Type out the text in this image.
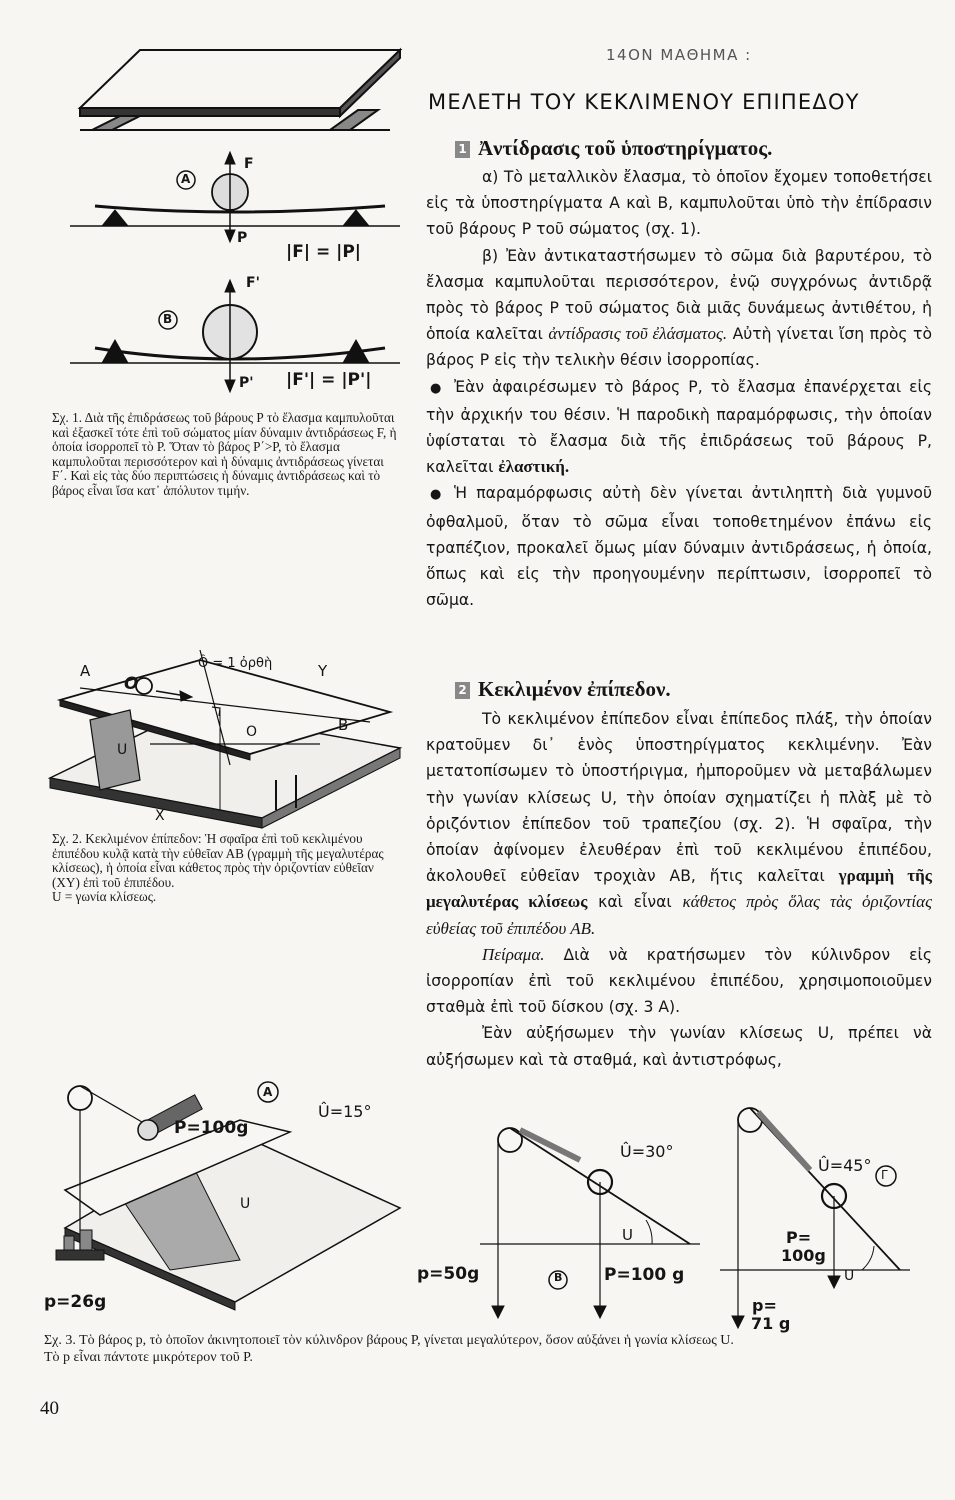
14ΟΝ ΜΑΘΗΜΑ :
ΜΕΛΕΤΗ ΤΟΥ ΚΕΚΛΙΜΕΝΟΥ ΕΠΙΠΕΔΟΥ
1 Ἀντίδρασις τοῦ ὑποστηρίγματος.

α) Τὸ μεταλλικὸν ἔλασμα, τὸ ὁποῖον ἔχομεν τοποθετήσει εἰς τὰ ὑποστηρίγματα Α καὶ Β, καμπυλοῦται ὑπὸ τὴν ἐπίδρασιν τοῦ βάρους Ρ τοῦ σώματος (σχ. 1).

β) Ἐὰν ἀντικαταστήσωμεν τὸ σῶμα διὰ βαρυτέρου, τὸ ἔλασμα καμπυλοῦται περισσότερον, ἐνῷ συγχρόνως ἀντιδρᾷ πρὸς τὸ βάρος Ρ τοῦ σώματος διὰ μιᾶς δυνάμεως ἀντιθέτου, ἡ ὁποία καλεῖται ἀντίδρασις τοῦ ἐλάσματος. Αὐτὴ γίνεται ἴση πρὸς τὸ βάρος Ρ εἰς τὴν τελικὴν θέσιν ἰσορροπίας.

● Ἐὰν ἀφαιρέσωμεν τὸ βάρος Ρ, τὸ ἔλασμα ἐπανέρχεται εἰς τὴν ἀρχικήν του θέσιν. Ἡ παροδικὴ παραμόρφωσις, τὴν ὁποίαν ὑφίσταται τὸ ἔλασμα διὰ τῆς ἐπιδράσεως τοῦ βάρους Ρ, καλεῖται ἐλαστική.

● Ἡ παραμόρφωσις αὐτὴ δὲν γίνεται ἀντιληπτὴ διὰ γυμνοῦ ὀφθαλμοῦ, ὅταν τὸ σῶμα εἶναι τοποθετημένον ἐπάνω εἰς τραπέζιον, προκαλεῖ ὅμως μίαν δύναμιν ἀντιδράσεως, ἡ ὁποία, ὅπως καὶ εἰς τὴν προηγουμένην περίπτωσιν, ἰσορροπεῖ τὸ σῶμα.

2 Κεκλιμένον ἐπίπεδον.

Τὸ κεκλιμένον ἐπίπεδον εἶναι ἐπίπεδος πλάξ, τὴν ὁποίαν κρατοῦμεν δι᾽ ἑνὸς ὑποστηρίγματος κεκλιμένην. Ἐὰν μετατοπίσωμεν τὸ ὑποστήριγμα, ἠμποροῦμεν νὰ μεταβάλωμεν τὴν γωνίαν κλίσεως U, τὴν ὁποίαν σχηματίζει ἡ πλὰξ μὲ τὸ ὁριζόντιον ἐπίπεδον τοῦ τραπεζίου (σχ. 2). Ἡ σφαῖρα, τὴν ὁποίαν ἀφίνομεν ἐλευθέραν ἐπὶ τοῦ κεκλιμένου ἐπιπέδου, ἀκολουθεῖ εὐθεῖαν τροχιὰν ΑΒ, ἥτις καλεῖται γραμμὴ τῆς μεγαλυτέρας κλίσεως καὶ εἶναι κάθετος πρὸς ὅλας τὰς ὁριζοντίας εὐθείας τοῦ ἐπιπέδου ΑΒ.

Πείραμα. Διὰ νὰ κρατήσωμεν τὸν κύλινδρον εἰς ἰσορροπίαν ἐπὶ τοῦ κεκλιμένου ἐπιπέδου, χρησιμοποιοῦμεν σταθμὰ ἐπὶ τοῦ δίσκου (σχ. 3 Α).

Ἐὰν αὐξήσωμεν τὴν γωνίαν κλίσεως U, πρέπει νὰ αὐξήσωμεν καὶ τὰ σταθμά, καὶ ἀντιστρόφως,

A
B
F
P
|F| = |P|
F'
P' |F'| = |P'|

Σχ. 1. Διὰ τῆς ἐπιδράσεως τοῦ βάρους Ρ τὸ ἔλασμα καμπυλοῦται καὶ ἐξασκεῖ τότε ἐπὶ τοῦ σώματος μίαν δύναμιν ἀντιδράσεως F, ἡ ὁποία ἰσορροπεῖ τὸ Ρ. Ὅταν τὸ βάρος Ρ΄>Ρ, τὸ ἔλασμα καμπυλοῦται περισσότερον καὶ ἡ δύναμις ἀντιδράσεως γίνεται F΄. Καὶ εἰς τὰς δύο περιπτώσεις ἡ δύναμις ἀντιδράσεως καὶ τὸ βάρος εἶναι ἴσα κατ᾽ ἀπόλυτον τιμήν.

Ô = 1 ὀρθὴ
A
O
Y
B
U
O
X

Σχ. 2. Κεκλιμένον ἐπίπεδον: Ἡ σφαῖρα ἐπὶ τοῦ κεκλιμένου ἐπιπέδου κυλᾷ κατὰ τὴν εὐθεῖαν ΑΒ (γραμμὴ τῆς μεγαλυτέρας κλίσεως), ἡ ὁποία εἶναι κάθετος πρὸς τὴν ὁριζοντίαν εὐθεῖαν (ΧΥ) ἐπὶ τοῦ ἐπιπέδου.

U = γωνία κλίσεως.

A
Û=15°
P=100g
U
p=26g
Û=30°
U
p=50g	B P=100 g
Û=45° Γ
P=
100g
U
p=
71 g

Σχ. 3. Τὸ βάρος p, τὸ ὁποῖον ἀκινητοποιεῖ τὸν κύλινδρον βάρους Ρ, γίνεται μεγαλύτερον, ὅσον αὐξάνει ἡ γωνία κλίσεως U. Τὸ p εἶναι πάντοτε μικρότερον τοῦ Ρ.

40
